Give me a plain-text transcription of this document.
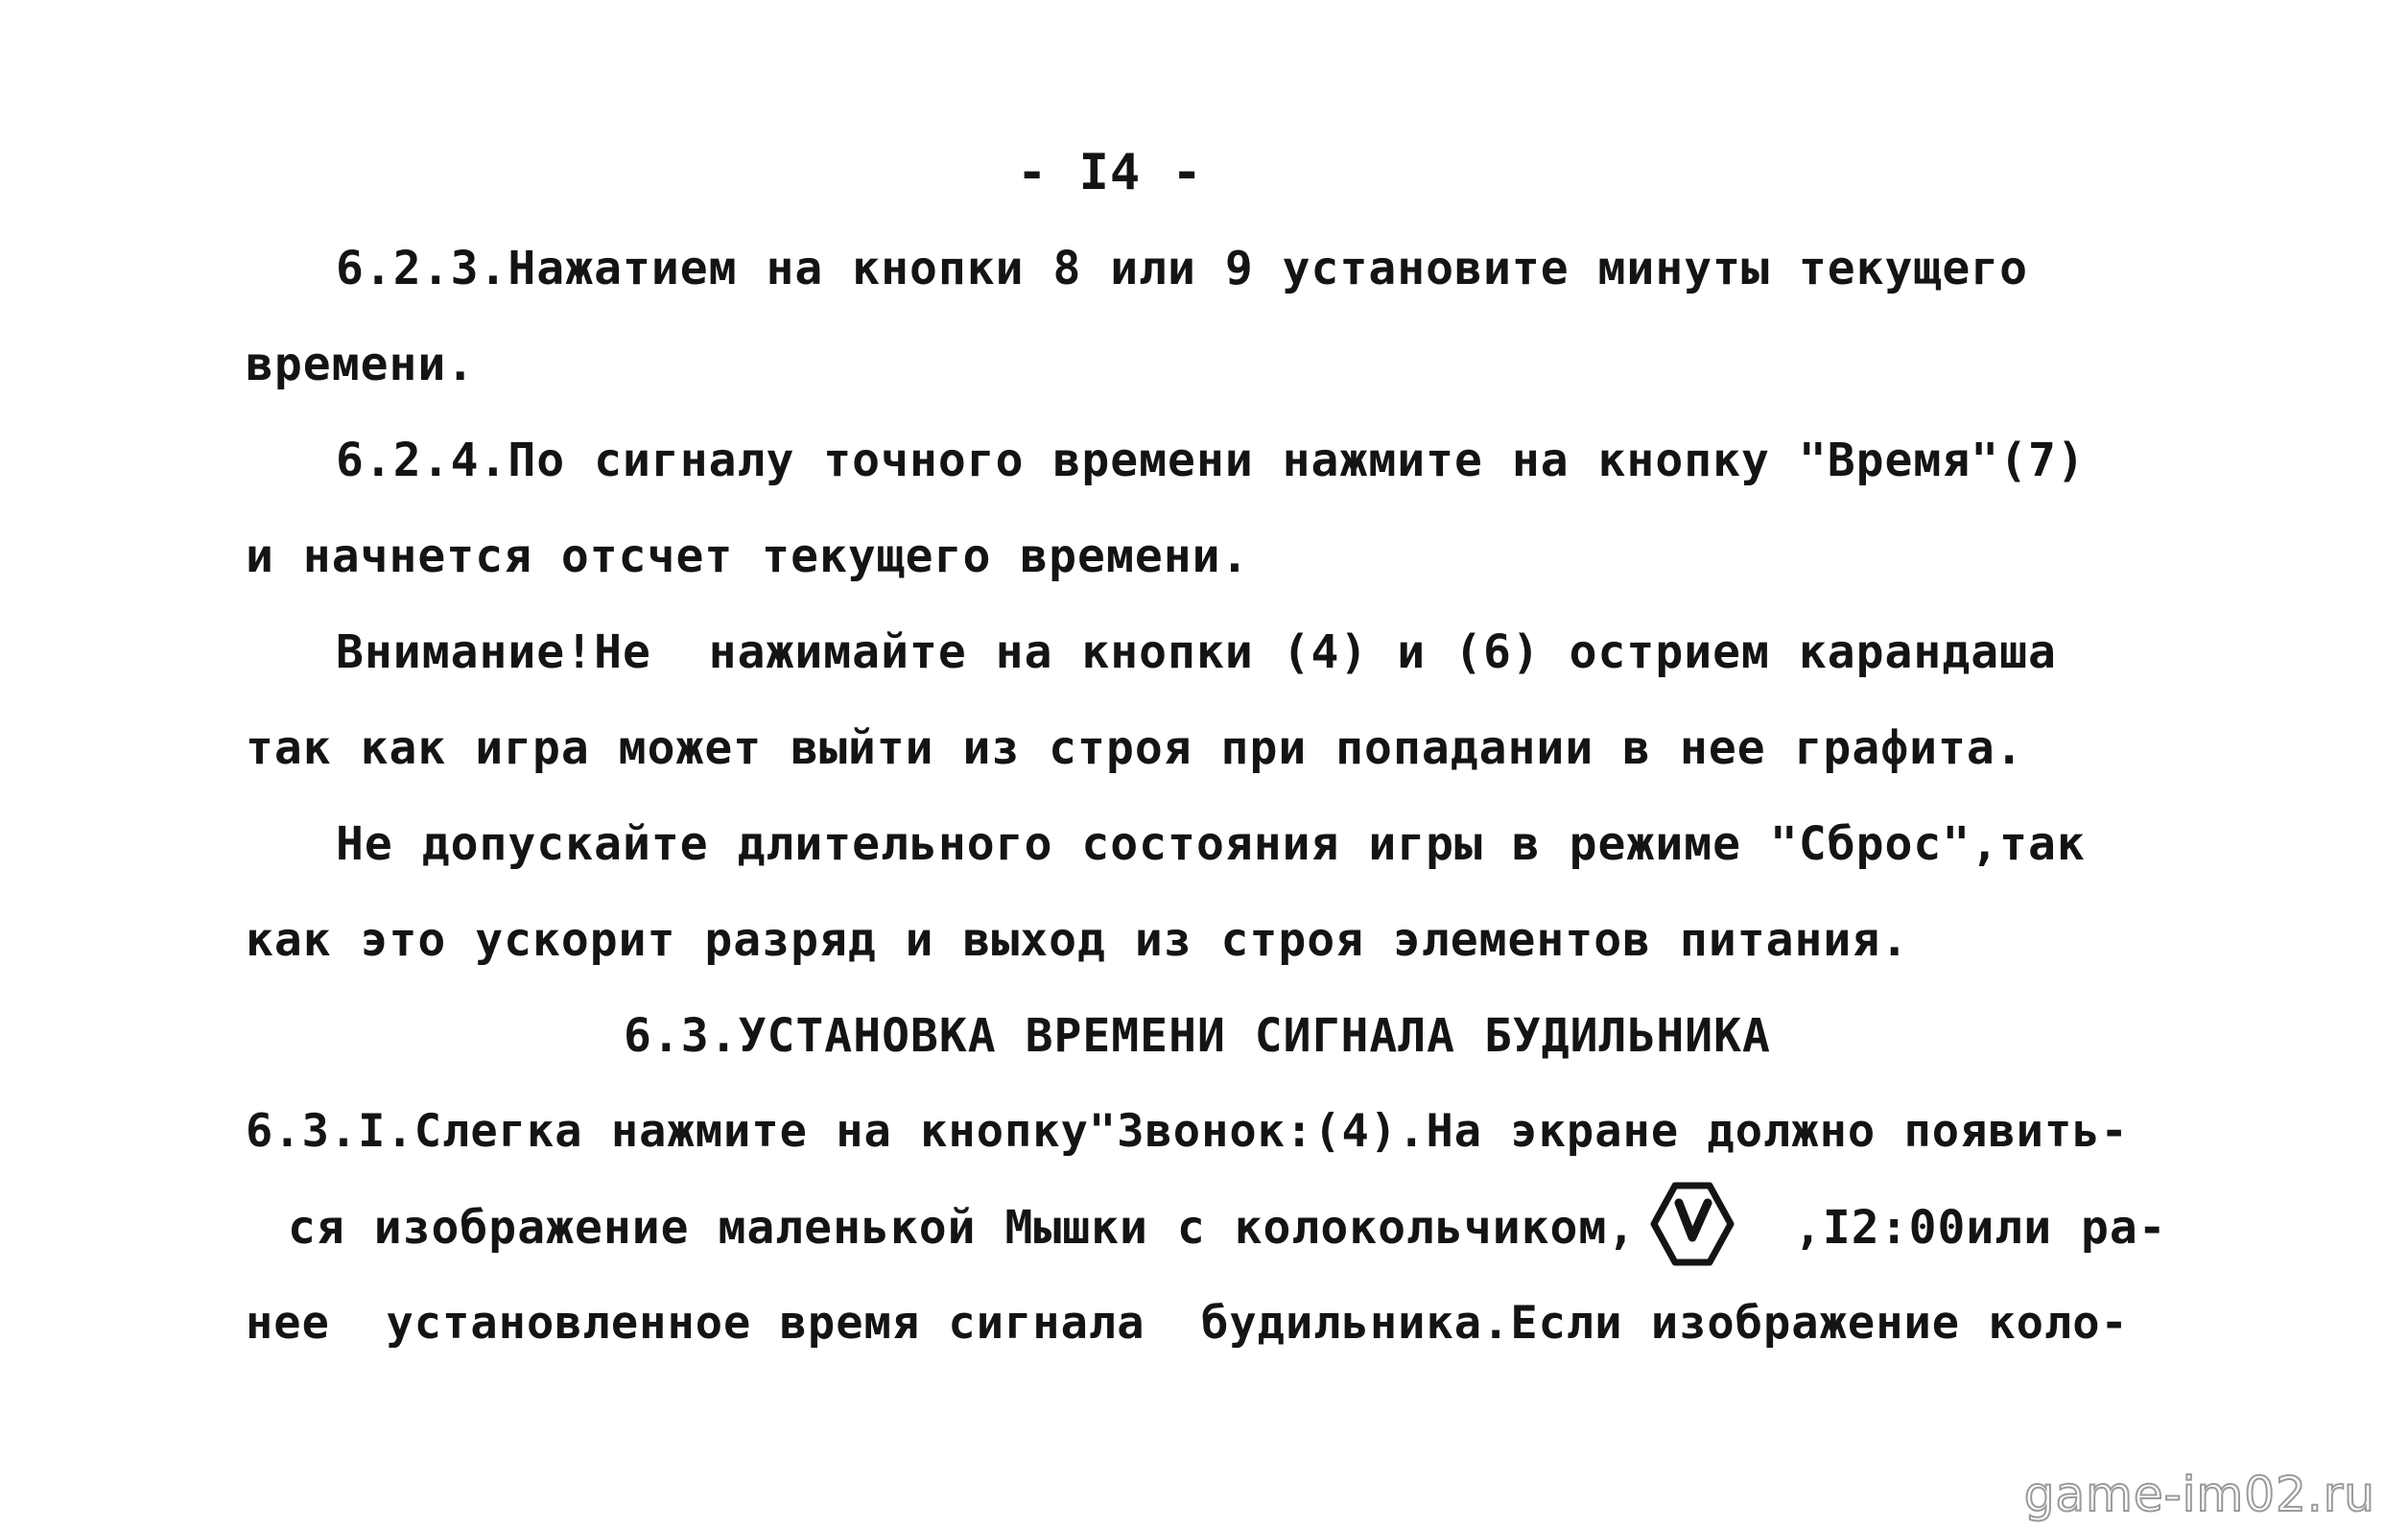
- I4 -
6.2.3.Нажатием на кнопки 8 или 9 установите минуты текущего
времени.
6.2.4.По сигналу точного времени нажмите на кнопку "Время"(7)
и начнется отсчет текущего времени.
Внимание!Не  нажимайте на кнопки (4) и (6) острием карандаша
так как игра может выйти из строя при попадании в нее графита.
Не допускайте длительного состояния игры в режиме "Сброс",так
как это ускорит разряд и выход из строя элементов питания.
6.3.УСТАНОВКА ВРЕМЕНИ СИГНАЛА БУДИЛЬНИКА
6.3.I.Слегка нажмите на кнопку"Звонок:(4).На экране должно появить-
ся изображение маленькой Мышки с колокольчиком,	,I2:00или ра-
нее  установленное время сигнала  будильника.Если изображение коло-
game-im02.ru
